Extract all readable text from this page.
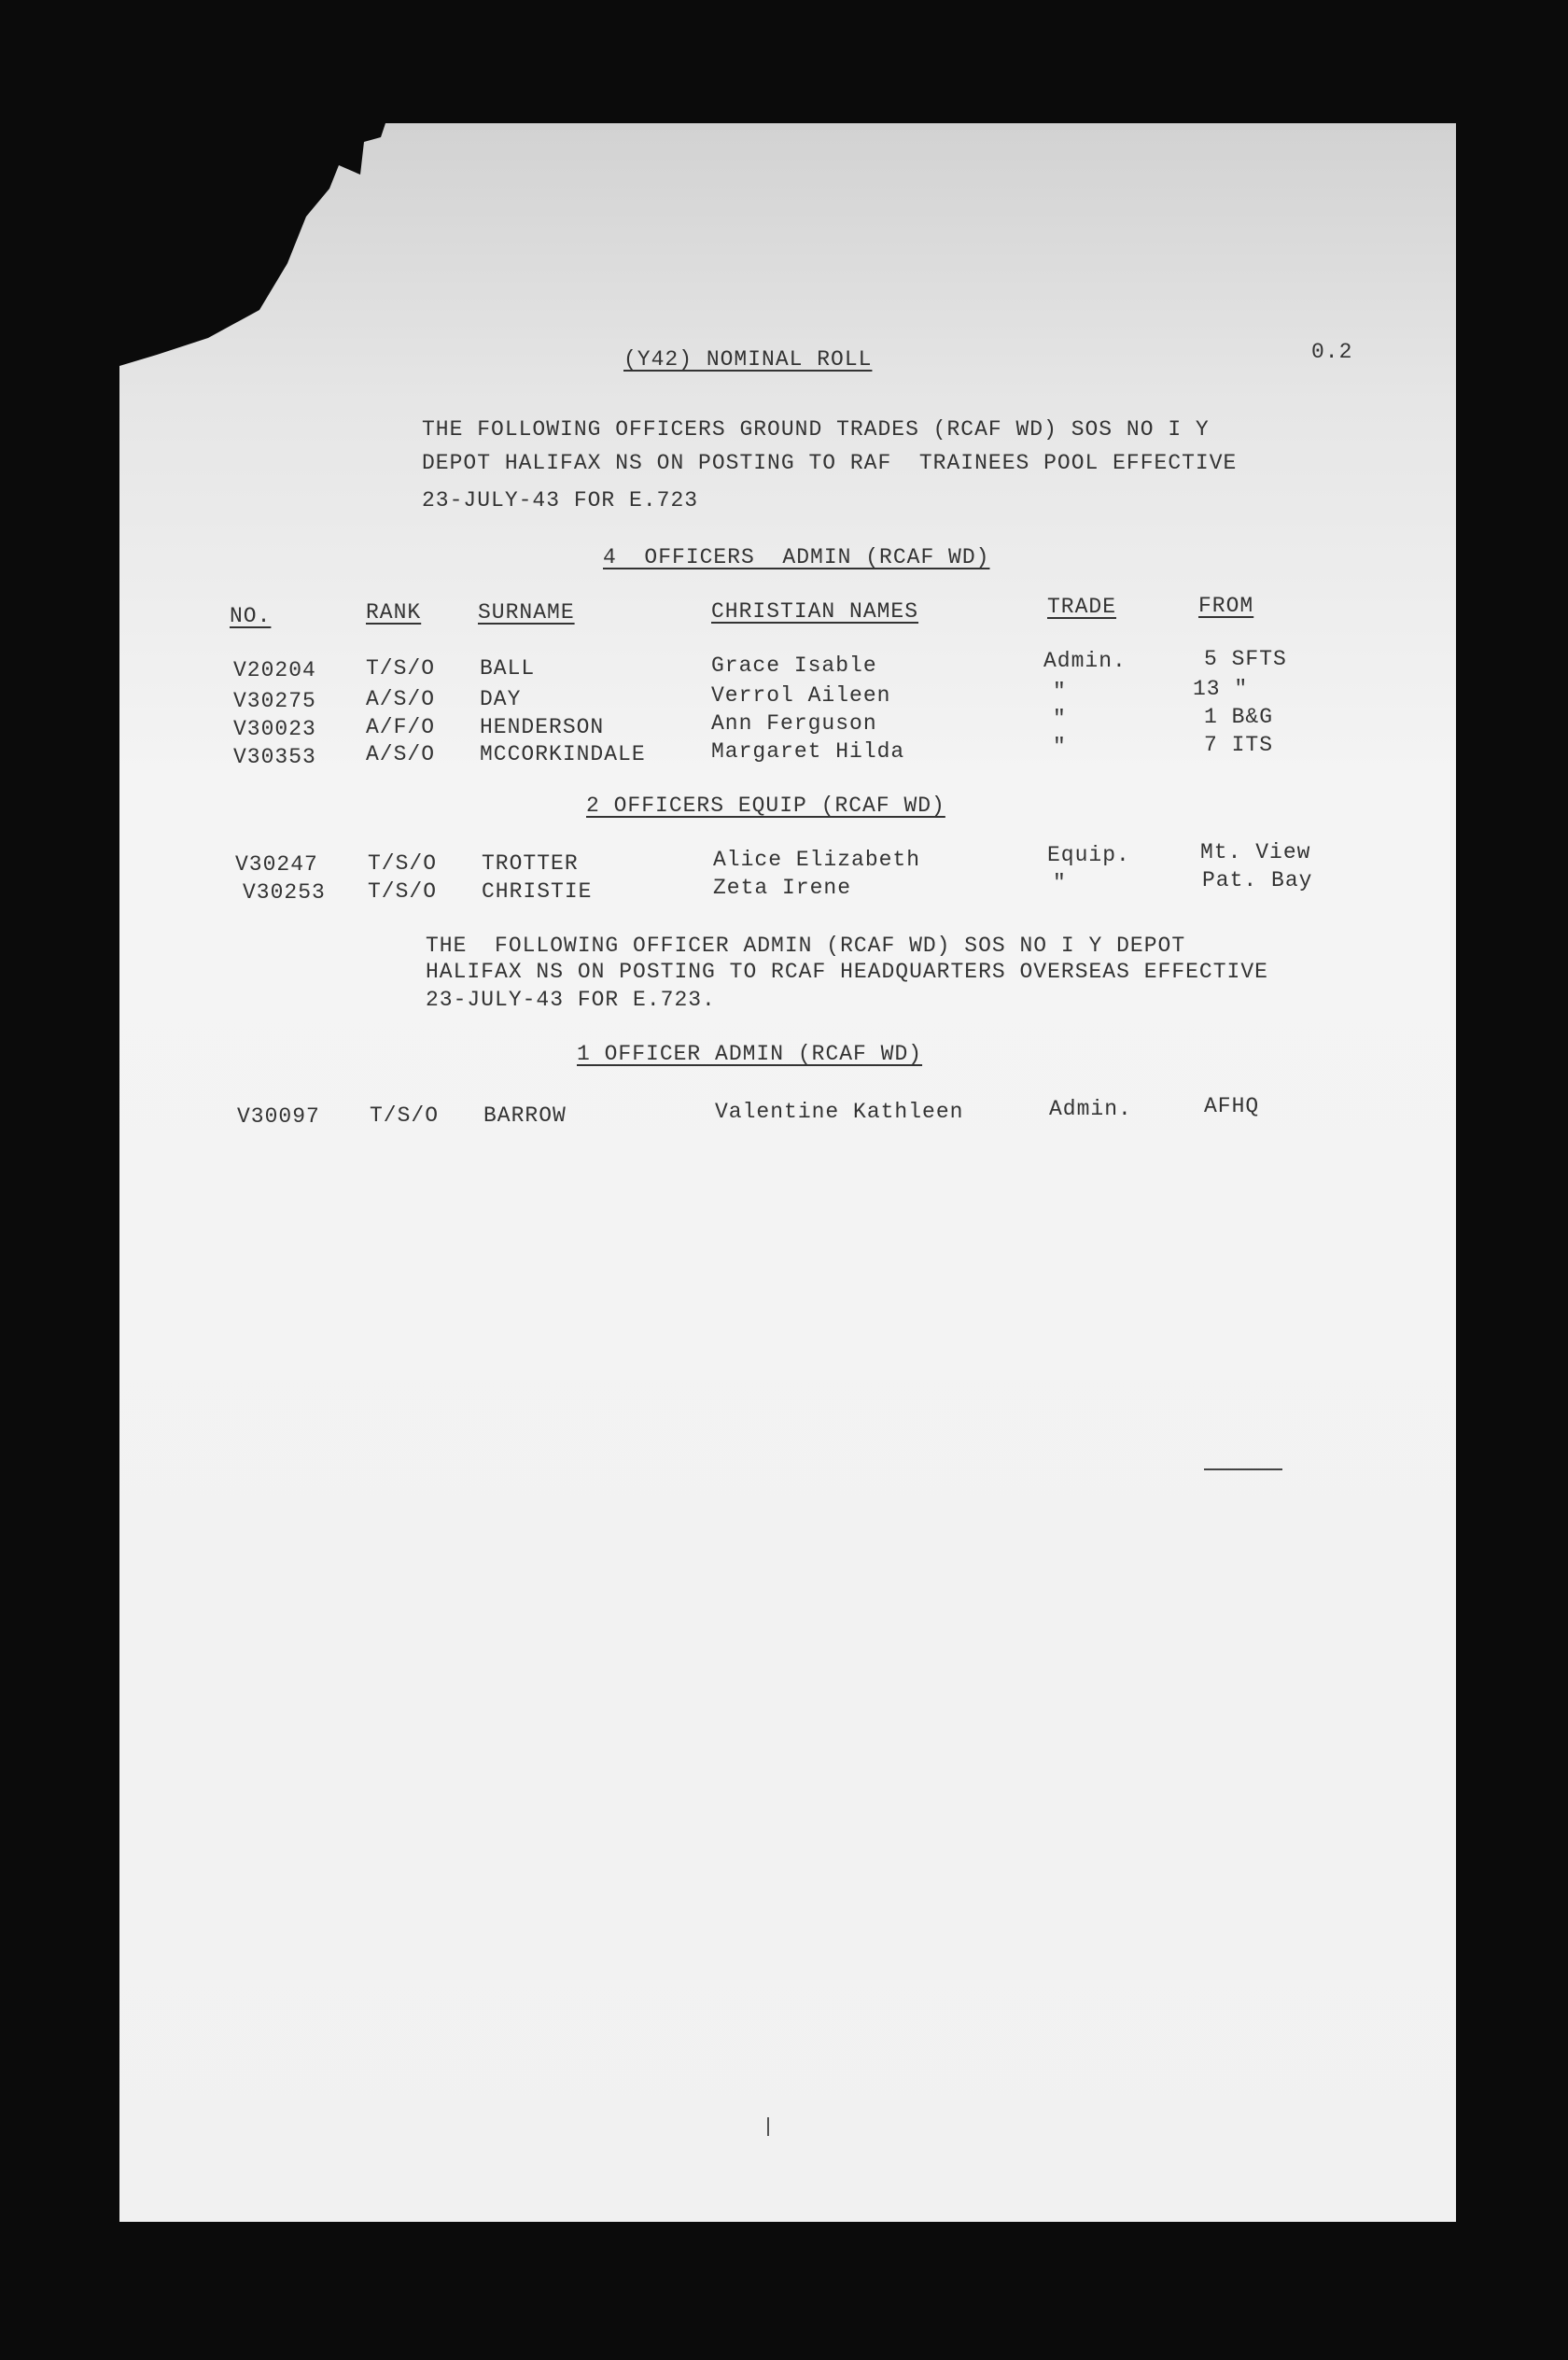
(Y42) NOMINAL ROLL	0.2
THE FOLLOWING OFFICERS GROUND TRADES (RCAF WD) SOS NO I Y
DEPOT HALIFAX NS ON POSTING TO RAF  TRAINEES POOL EFFECTIVE
23-JULY-43 FOR E.723
4  OFFICERS  ADMIN (RCAF WD)
NO.	RANK	SURNAME	CHRISTIAN NAMES	TRADE	FROM
V20204 T/S/O BALL	Grace Isable	Admin.	5 SFTS
V30275 A/S/O DAY	Verrol Aileen	"	13 "
V30023 A/F/O HENDERSON	Ann Ferguson	"	1 B&G
V30353 A/S/O MCCORKINDALE	Margaret Hilda	"	7 ITS
2 OFFICERS EQUIP (RCAF WD)
V30247 T/S/O TROTTER	Alice Elizabeth	Equip.	Mt. View
V30253 T/S/O CHRISTIE	Zeta Irene	"	Pat. Bay
THE  FOLLOWING OFFICER ADMIN (RCAF WD) SOS NO I Y DEPOT
HALIFAX NS ON POSTING TO RCAF HEADQUARTERS OVERSEAS EFFECTIVE
23-JULY-43 FOR E.723.
1 OFFICER ADMIN (RCAF WD)
V30097 T/S/O BARROW	Valentine Kathleen	Admin.	AFHQ
